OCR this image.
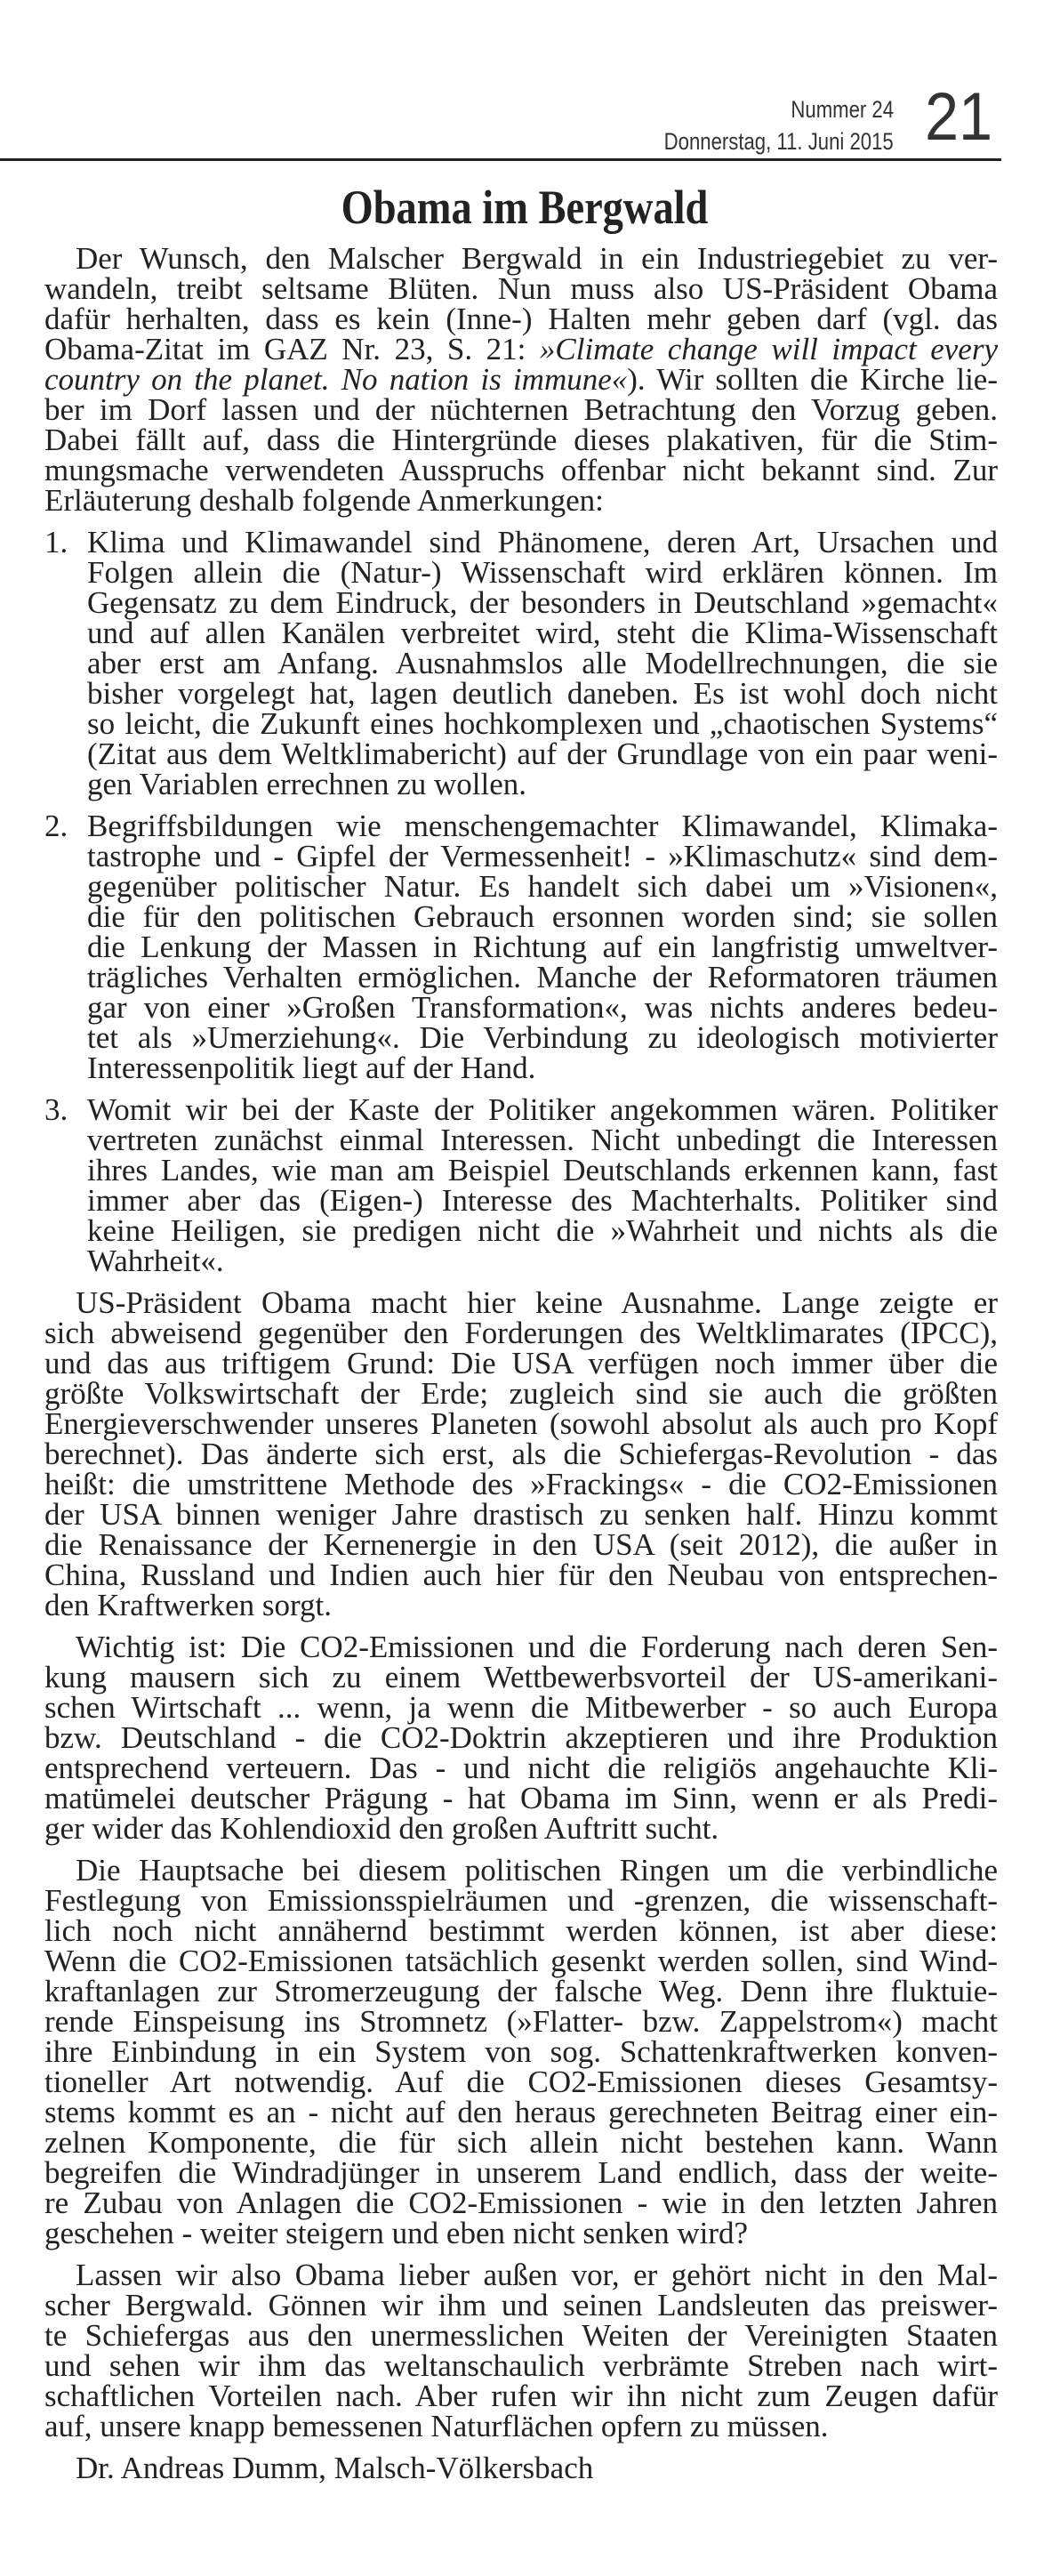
Nummer 24
Donnerstag, 11. Juni 2015 21
Obama im Bergwald
Der Wunsch, den Malscher Bergwald in ein Industriegebiet zu ver-
wandeln, treibt seltsame Blüten. Nun muss also US-Präsident Obama
dafür herhalten, dass es kein (Inne-) Halten mehr geben darf (vgl. das
Obama-Zitat im GAZ Nr. 23, S. 21: »Climate change will impact every
country on the planet. No nation is immune«). Wir sollten die Kirche lie-
ber im Dorf lassen und der nüchternen Betrachtung den Vorzug geben.
Dabei fällt auf, dass die Hintergründe dieses plakativen, für die Stim-
mungsmache verwendeten Ausspruchs offenbar nicht bekannt sind. Zur
Erläuterung deshalb folgende Anmerkungen:
1. Klima und Klimawandel sind Phänomene, deren Art, Ursachen und
Folgen allein die (Natur-) Wissenschaft wird erklären können. Im
Gegensatz zu dem Eindruck, der besonders in Deutschland »gemacht«
und auf allen Kanälen verbreitet wird, steht die Klima-Wissenschaft
aber erst am Anfang. Ausnahmslos alle Modellrechnungen, die sie
bisher vorgelegt hat, lagen deutlich daneben. Es ist wohl doch nicht
so leicht, die Zukunft eines hochkomplexen und „chaotischen Systems“
(Zitat aus dem Weltklimabericht) auf der Grundlage von ein paar weni-
gen Variablen errechnen zu wollen.
2. Begriffsbildungen wie menschengemachter Klimawandel, Klimaka-
tastrophe und - Gipfel der Vermessenheit! - »Klimaschutz« sind dem-
gegenüber politischer Natur. Es handelt sich dabei um »Visionen«,
die für den politischen Gebrauch ersonnen worden sind; sie sollen
die Lenkung der Massen in Richtung auf ein langfristig umweltver-
trägliches Verhalten ermöglichen. Manche der Reformatoren träumen
gar von einer »Großen Transformation«, was nichts anderes bedeu-
tet als »Umerziehung«. Die Verbindung zu ideologisch motivierter
Interessenpolitik liegt auf der Hand.
3. Womit wir bei der Kaste der Politiker angekommen wären. Politiker
vertreten zunächst einmal Interessen. Nicht unbedingt die Interessen
ihres Landes, wie man am Beispiel Deutschlands erkennen kann, fast
immer aber das (Eigen-) Interesse des Machterhalts. Politiker sind
keine Heiligen, sie predigen nicht die »Wahrheit und nichts als die
Wahrheit«.
US-Präsident Obama macht hier keine Ausnahme. Lange zeigte er
sich abweisend gegenüber den Forderungen des Weltklimarates (IPCC),
und das aus triftigem Grund: Die USA verfügen noch immer über die
größte Volkswirtschaft der Erde; zugleich sind sie auch die größten
Energieverschwender unseres Planeten (sowohl absolut als auch pro Kopf
berechnet). Das änderte sich erst, als die Schiefergas-Revolution - das
heißt: die umstrittene Methode des »Frackings« - die CO2-Emissionen
der USA binnen weniger Jahre drastisch zu senken half. Hinzu kommt
die Renaissance der Kernenergie in den USA (seit 2012), die außer in
China, Russland und Indien auch hier für den Neubau von entsprechen-
den Kraftwerken sorgt.
Wichtig ist: Die CO2-Emissionen und die Forderung nach deren Sen-
kung mausern sich zu einem Wettbewerbsvorteil der US-amerikani-
schen Wirtschaft ... wenn, ja wenn die Mitbewerber - so auch Europa
bzw. Deutschland - die CO2-Doktrin akzeptieren und ihre Produktion
entsprechend verteuern. Das - und nicht die religiös angehauchte Kli-
matümelei deutscher Prägung - hat Obama im Sinn, wenn er als Predi-
ger wider das Kohlendioxid den großen Auftritt sucht.
Die Hauptsache bei diesem politischen Ringen um die verbindliche
Festlegung von Emissionsspielräumen und -grenzen, die wissenschaft-
lich noch nicht annähernd bestimmt werden können, ist aber diese:
Wenn die CO2-Emissionen tatsächlich gesenkt werden sollen, sind Wind-
kraftanlagen zur Stromerzeugung der falsche Weg. Denn ihre fluktuie-
rende Einspeisung ins Stromnetz (»Flatter- bzw. Zappelstrom«) macht
ihre Einbindung in ein System von sog. Schattenkraftwerken konven-
tioneller Art notwendig. Auf die CO2-Emissionen dieses Gesamtsy-
stems kommt es an - nicht auf den heraus gerechneten Beitrag einer ein-
zelnen Komponente, die für sich allein nicht bestehen kann. Wann
begreifen die Windradjünger in unserem Land endlich, dass der weite-
re Zubau von Anlagen die CO2-Emissionen - wie in den letzten Jahren
geschehen - weiter steigern und eben nicht senken wird?
Lassen wir also Obama lieber außen vor, er gehört nicht in den Mal-
scher Bergwald. Gönnen wir ihm und seinen Landsleuten das preiswer-
te Schiefergas aus den unermesslichen Weiten der Vereinigten Staaten
und sehen wir ihm das weltanschaulich verbrämte Streben nach wirt-
schaftlichen Vorteilen nach. Aber rufen wir ihn nicht zum Zeugen dafür
auf, unsere knapp bemessenen Naturflächen opfern zu müssen.
Dr. Andreas Dumm, Malsch-Völkersbach
